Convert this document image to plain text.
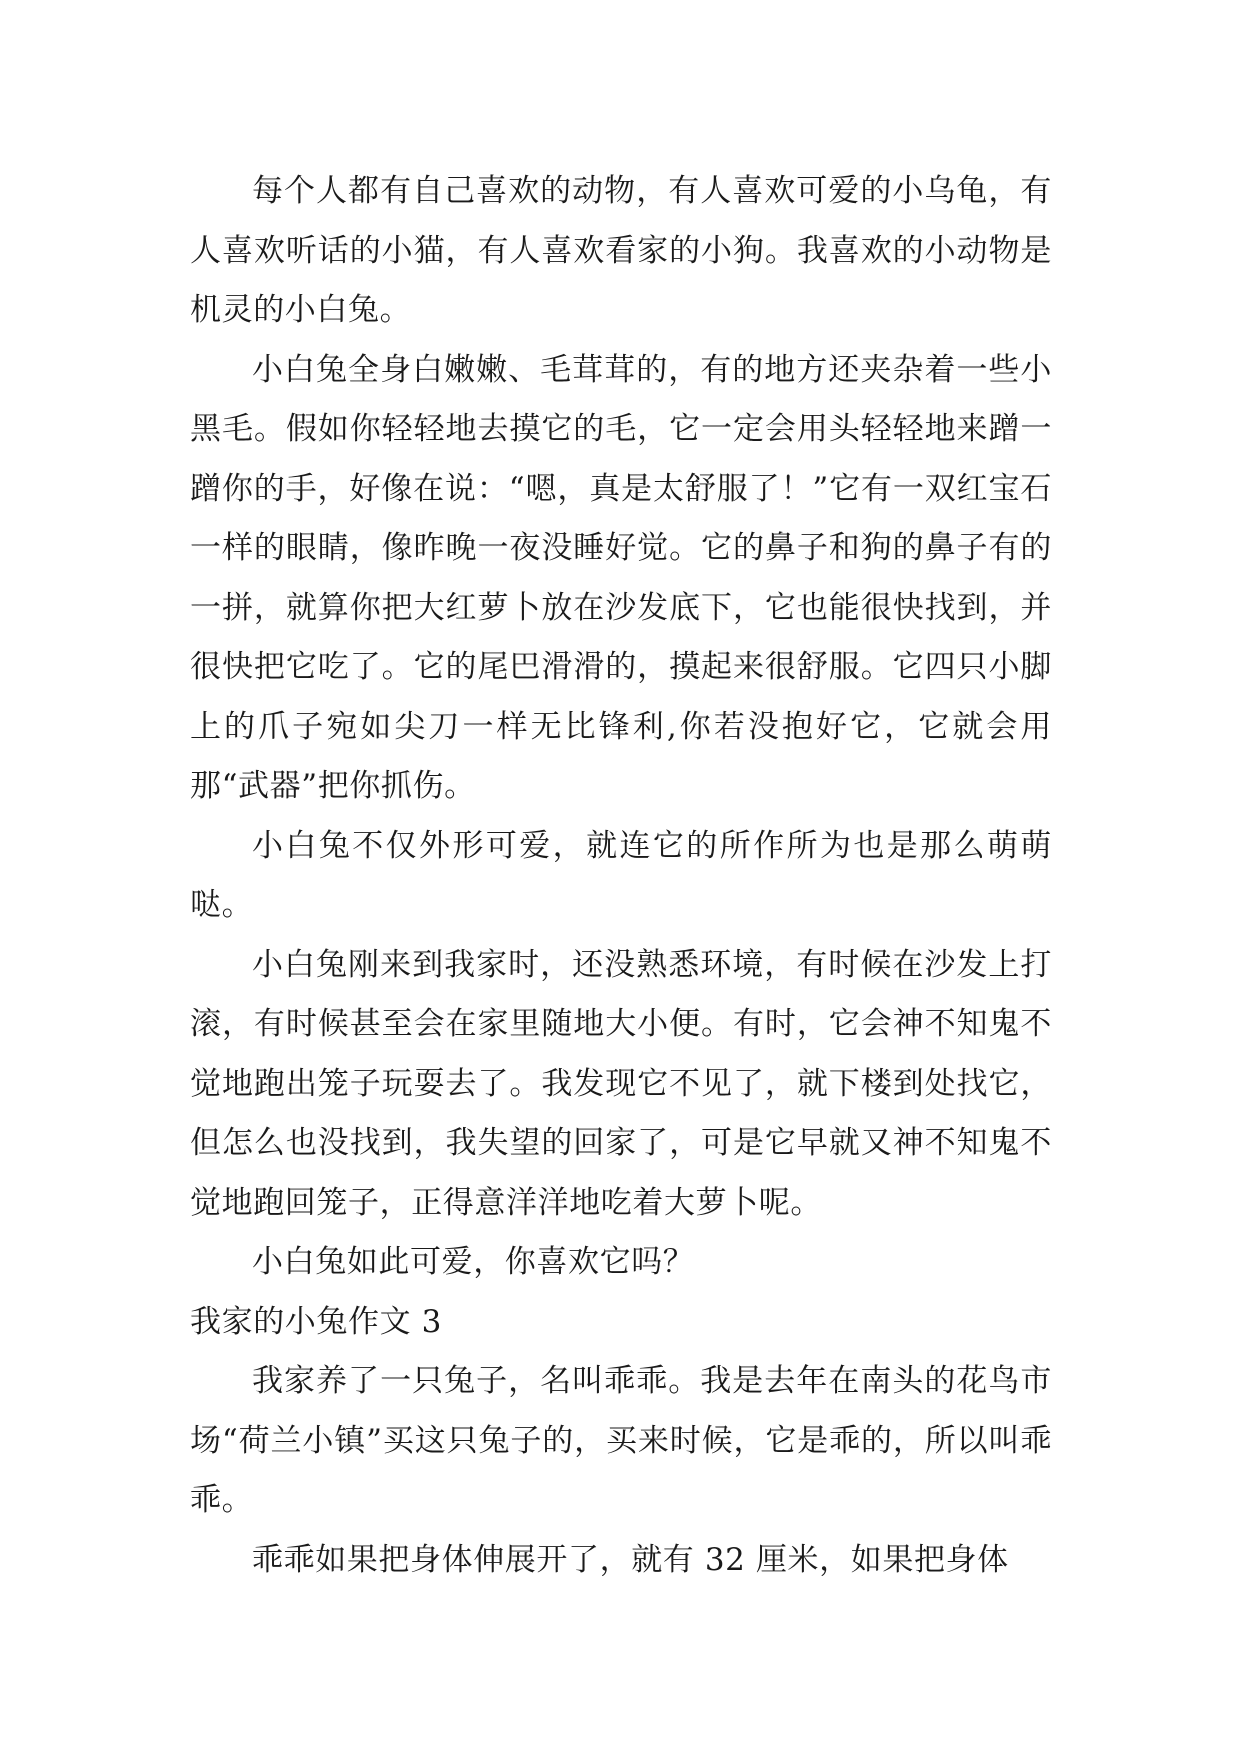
每个人都有自己喜欢的动物，有人喜欢可爱的小乌龟，有人喜欢听话的小猫，有人喜欢看家的小狗。我喜欢的小动物是机灵的小白兔。

小白兔全身白嫩嫩、毛茸茸的，有的地方还夹杂着一些小黑毛。假如你轻轻地去摸它的毛，它一定会用头轻轻地来蹭一蹭你的手，好像在说：“嗯，真是太舒服了！”它有一双红宝石一样的眼睛，像昨晚一夜没睡好觉。它的鼻子和狗的鼻子有的一拼，就算你把大红萝卜放在沙发底下，它也能很快找到，并很快把它吃了。它的尾巴滑滑的，摸起来很舒服。它四只小脚上的爪子宛如尖刀一样无比锋利,你若没抱好它，它就会用那“武器”把你抓伤。

小白兔不仅外形可爱，就连它的所作所为也是那么萌萌哒。

小白兔刚来到我家时，还没熟悉环境，有时候在沙发上打滚，有时候甚至会在家里随地大小便。有时，它会神不知鬼不觉地跑出笼子玩耍去了。我发现它不见了，就下楼到处找它，但怎么也没找到，我失望的回家了，可是它早就又神不知鬼不觉地跑回笼子，正得意洋洋地吃着大萝卜呢。

小白兔如此可爱，你喜欢它吗？

我家的小兔作文 3

我家养了一只兔子，名叫乖乖。我是去年在南头的花鸟市场“荷兰小镇”买这只兔子的，买来时候，它是乖的，所以叫乖乖。

乖乖如果把身体伸展开了，就有 32 厘米，如果把身体
